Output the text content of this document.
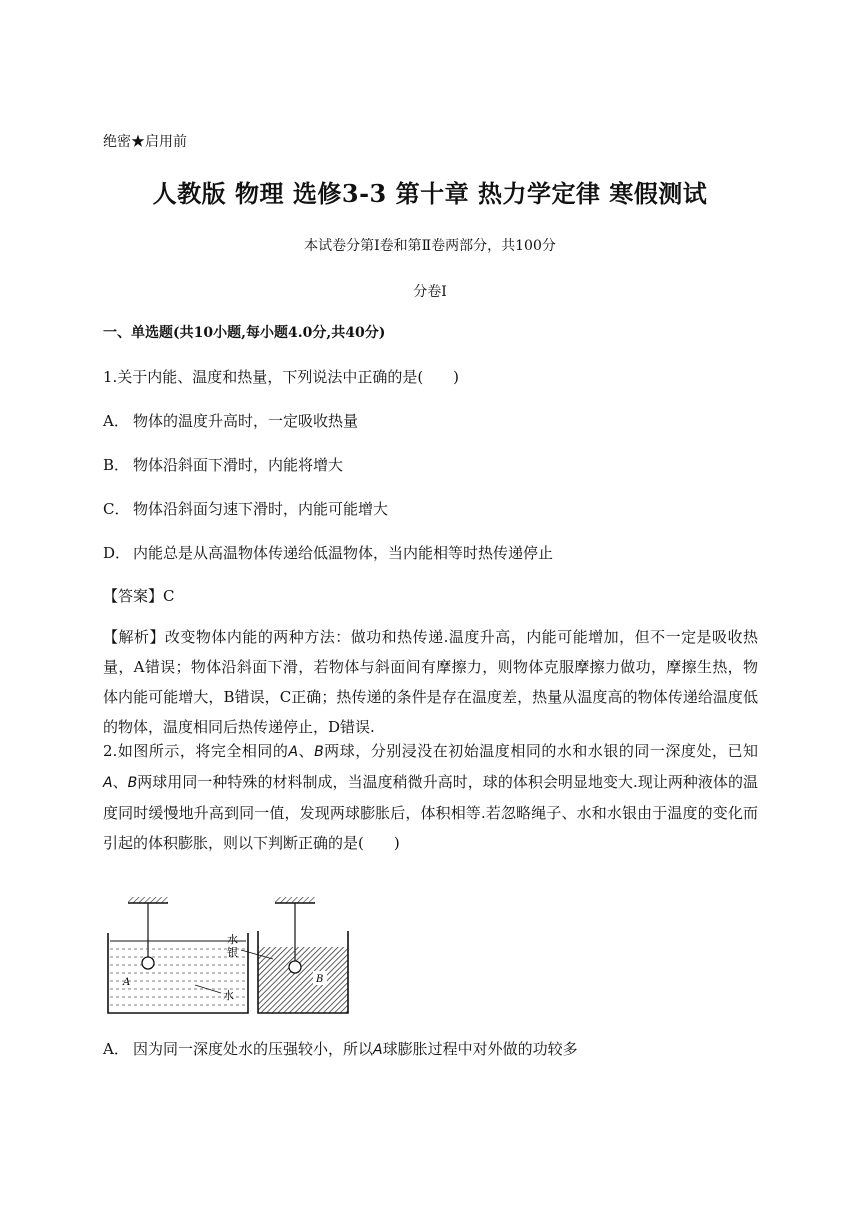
绝密★启用前
人教版 物理 选修3-3 第十章 热力学定律 寒假测试
本试卷分第Ⅰ卷和第Ⅱ卷两部分，共100分
分卷I
一、单选题(共10小题,每小题4.0分,共40分)
1.关于内能、温度和热量，下列说法中正确的是(　　)
A． 物体的温度升高时，一定吸收热量
B． 物体沿斜面下滑时，内能将增大
C． 物体沿斜面匀速下滑时，内能可能增大
D． 内能总是从高温物体传递给低温物体，当内能相等时热传递停止
【答案】C
【解析】改变物体内能的两种方法：做功和热传递.温度升高，内能可能增加，但不一定是吸收热量，A错误；物体沿斜面下滑，若物体与斜面间有摩擦力，则物体克服摩擦力做功，摩擦生热，物体内能可能增大，B错误，C正确；热传递的条件是存在温度差，热量从温度高的物体传递给温度低的物体，温度相同后热传递停止，D错误.
2.如图所示，将完全相同的A、B两球，分别浸没在初始温度相同的水和水银的同一深度处，已知A、B两球用同一种特殊的材料制成，当温度稍微升高时，球的体积会明显地变大.现让两种液体的温度同时缓慢地升高到同一值，发现两球膨胀后，体积相等.若忽略绳子、水和水银由于温度的变化而引起的体积膨胀，则以下判断正确的是(　　)
A
水
B
水
银
A． 因为同一深度处水的压强较小，所以A球膨胀过程中对外做的功较多
